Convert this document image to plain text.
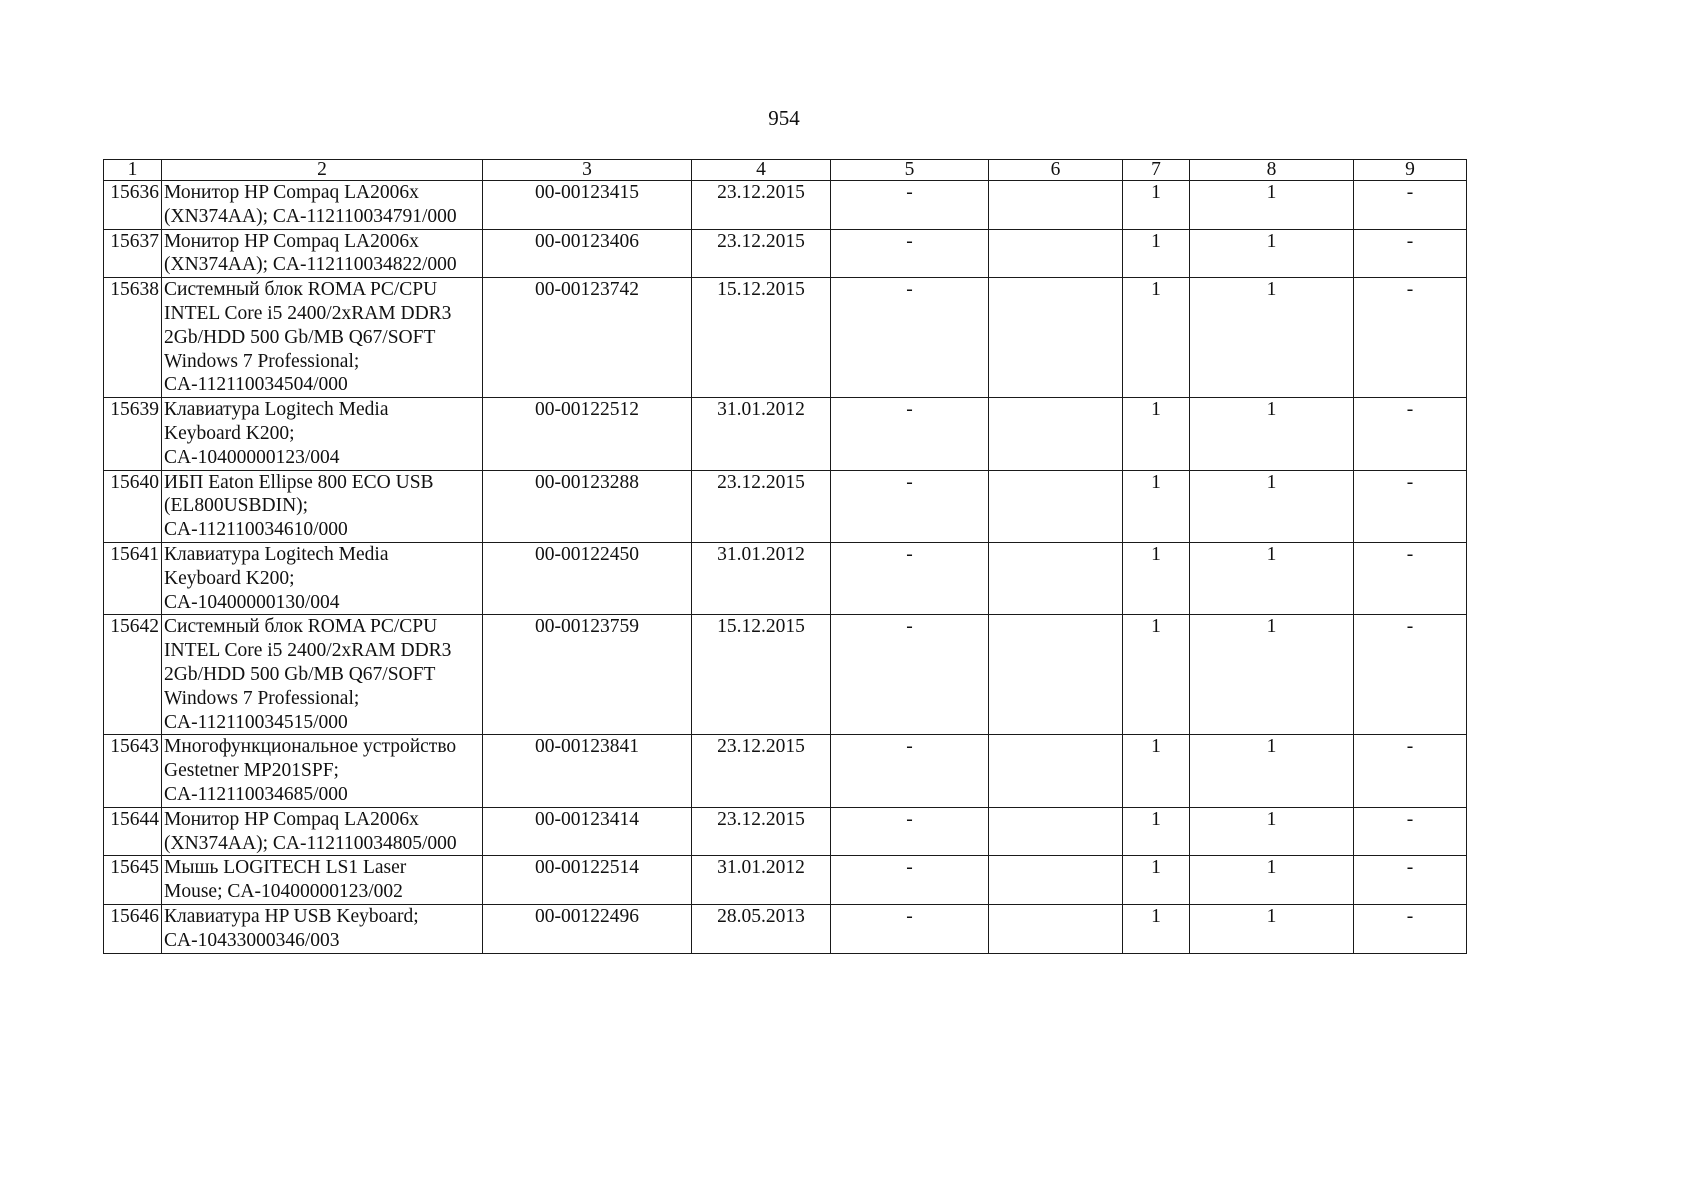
954
1	2	3	4	5	6	7	8	9
15636	Монитор HP Compaq LA2006x
(XN374AA); CA-112110034791/000	00-00123415	23.12.2015	-		1	1	-
15637	Монитор HP Compaq LA2006x
(XN374AA); CA-112110034822/000	00-00123406	23.12.2015	-		1	1	-
15638	Системный блок ROMA PC/CPU
INTEL Core i5 2400/2xRAM DDR3
2Gb/HDD 500 Gb/MB Q67/SOFT
Windows 7 Professional;
CA-112110034504/000	00-00123742	15.12.2015	-		1	1	-
15639	Клавиатура Logitech Media
Keyboard K200;
CA-10400000123/004	00-00122512	31.01.2012	-		1	1	-
15640	ИБП Eaton Ellipse 800 ECO USB
(EL800USBDIN);
CA-112110034610/000	00-00123288	23.12.2015	-		1	1	-
15641	Клавиатура Logitech Media
Keyboard K200;
CA-10400000130/004	00-00122450	31.01.2012	-		1	1	-
15642	Системный блок ROMA PC/CPU
INTEL Core i5 2400/2xRAM DDR3
2Gb/HDD 500 Gb/MB Q67/SOFT
Windows 7 Professional;
CA-112110034515/000	00-00123759	15.12.2015	-		1	1	-
15643	Многофункциональное устройство
Gestetner MP201SPF;
CA-112110034685/000	00-00123841	23.12.2015	-		1	1	-
15644	Монитор HP Compaq LA2006x
(XN374AA); CA-112110034805/000	00-00123414	23.12.2015	-		1	1	-
15645	Мышь LOGITECH LS1 Laser
Mouse; CA-10400000123/002	00-00122514	31.01.2012	-		1	1	-
15646	Клавиатура HP USB Keyboard;
CA-10433000346/003	00-00122496	28.05.2013	-		1	1	-
